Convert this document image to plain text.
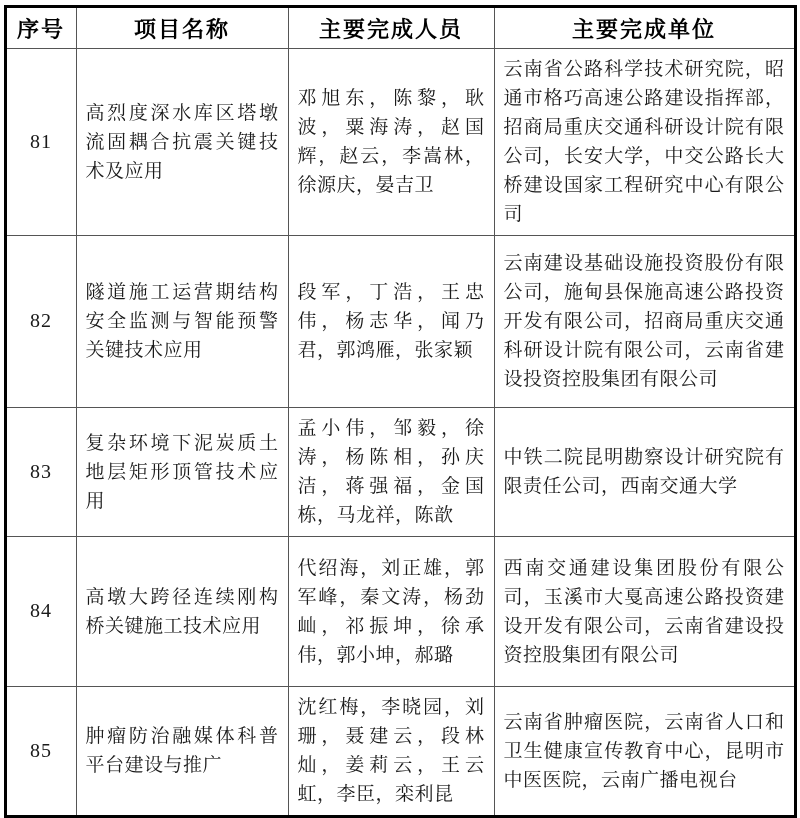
序号	项目名称	主要完成人员	主要完成单位
81	高烈度深水库区塔墩流固耦合抗震关键技术及应用	邓旭东，陈黎，耿波，粟海涛，赵国辉，赵云，李嵩林，徐源庆，晏吉卫	云南省公路科学技术研究院，昭通市格巧高速公路建设指挥部，招商局重庆交通科研设计院有限公司，长安大学，中交公路长大桥建设国家工程研究中心有限公司
82	隧道施工运营期结构安全监测与智能预警关键技术应用	段军，丁浩，王忠伟，杨志华，闻乃君，郭鸿雁，张家颖	云南建设基础设施投资股份有限公司，施甸县保施高速公路投资开发有限公司，招商局重庆交通科研设计院有限公司，云南省建设投资控股集团有限公司
83	复杂环境下泥炭质土地层矩形顶管技术应用	孟小伟，邹毅，徐涛，杨陈相，孙庆洁，蒋强福，金国栋，马龙祥，陈歆	中铁二院昆明勘察设计研究院有限责任公司，西南交通大学
84	高墩大跨径连续刚构桥关键施工技术应用	代绍海，刘正雄，郭军峰，秦文涛，杨劲屾，祁振坤，徐承伟，郭小坤，郝璐	西南交通建设集团股份有限公司，玉溪市大戛高速公路投资建设开发有限公司，云南省建设投资控股集团有限公司
85	肿瘤防治融媒体科普平台建设与推广	沈红梅，李晓园，刘珊，聂建云，段林灿，姜莉云，王云虹，李臣，栾利昆	云南省肿瘤医院，云南省人口和卫生健康宣传教育中心，昆明市中医医院，云南广播电视台
